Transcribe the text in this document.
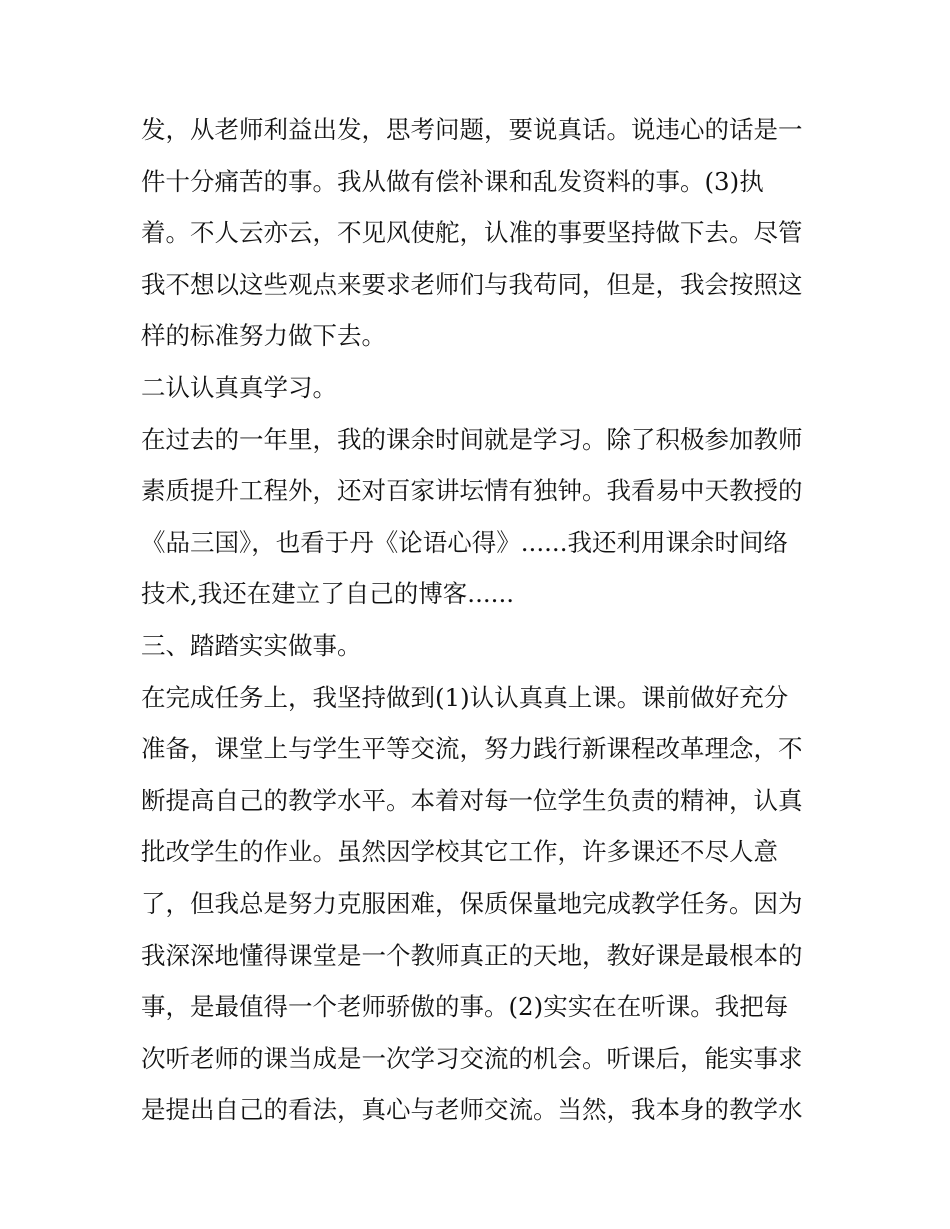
发，从老师利益出发，思考问题，要说真话。说违心的话是一

件十分痛苦的事。我从做有偿补课和乱发资料的事。(3)执

着。不人云亦云，不见风使舵，认准的事要坚持做下去。尽管

我不想以这些观点来要求老师们与我苟同，但是，我会按照这

样的标准努力做下去。

二认认真真学习。

在过去的一年里，我的课余时间就是学习。除了积极参加教师

素质提升工程外，还对百家讲坛情有独钟。我看易中天教授的

《品三国》，也看于丹《论语心得》......我还利用课余时间络

技术,我还在建立了自己的博客......

三、踏踏实实做事。

在完成任务上，我坚持做到(1)认认真真上课。课前做好充分

准备，课堂上与学生平等交流，努力践行新课程改革理念，不

断提高自己的教学水平。本着对每一位学生负责的精神，认真

批改学生的作业。虽然因学校其它工作，许多课还不尽人意

了，但我总是努力克服困难，保质保量地完成教学任务。因为

我深深地懂得课堂是一个教师真正的天地，教好课是最根本的

事，是最值得一个老师骄傲的事。(2)实实在在听课。我把每

次听老师的课当成是一次学习交流的机会。听课后，能实事求

是提出自己的看法，真心与老师交流。当然，我本身的教学水
